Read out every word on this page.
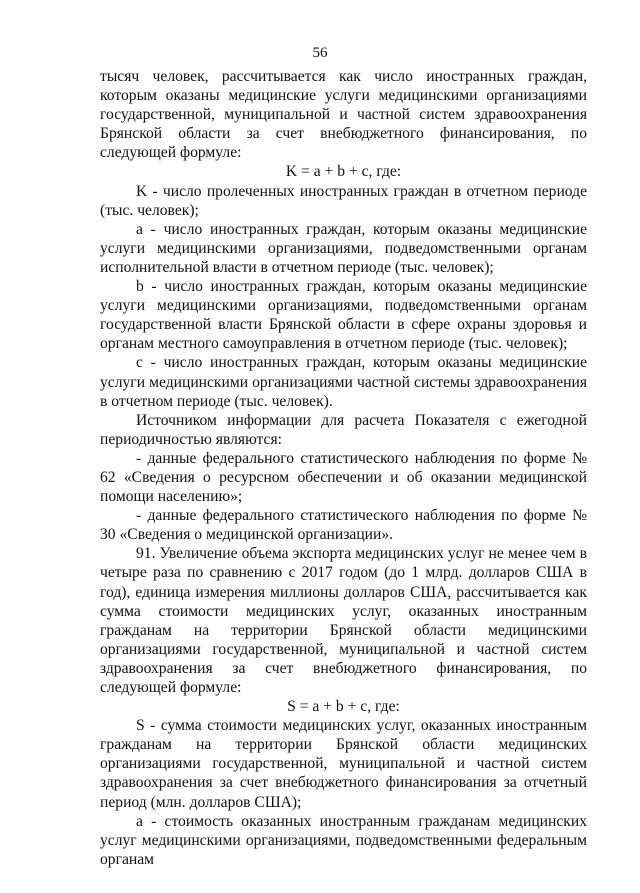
56

тысяч человек, рассчитывается как число иностранных граждан, которым оказаны медицинские услуги медицинскими организациями государственной, муниципальной и частной систем здравоохранения Брянской области за счет внебюджетного финансирования, по следующей формуле:

K = a + b + c, где:

K - число пролеченных иностранных граждан в отчетном периоде (тыс. человек);

a - число иностранных граждан, которым оказаны медицинские услуги медицинскими организациями, подведомственными органам исполнительной власти в отчетном периоде (тыс. человек);

b - число иностранных граждан, которым оказаны медицинские услуги медицинскими организациями, подведомственными органам государственной власти Брянской области в сфере охраны здоровья и органам местного самоуправления в отчетном периоде (тыс. человек);

c - число иностранных граждан, которым оказаны медицинские услуги медицинскими организациями частной системы здравоохранения в отчетном периоде (тыс. человек).

Источником информации для расчета Показателя с ежегодной периодичностью являются:

- данные федерального статистического наблюдения по форме № 62 «Сведения о ресурсном обеспечении и об оказании медицинской помощи населению»;

- данные федерального статистического наблюдения по форме № 30 «Сведения о медицинской организации».

91. Увеличение объема экспорта медицинских услуг не менее чем в четыре раза по сравнению с 2017 годом (до 1 млрд. долларов США в год), единица измерения миллионы долларов США, рассчитывается как сумма стоимости медицинских услуг, оказанных иностранным гражданам на территории Брянской области медицинскими организациями государственной, муниципальной и частной систем здравоохранения за счет внебюджетного финансирования, по следующей формуле:

S = a + b + c, где:

S - сумма стоимости медицинских услуг, оказанных иностранным гражданам на территории Брянской области медицинских организациями государственной, муниципальной и частной систем здравоохранения за счет внебюджетного финансирования за отчетный период (млн. долларов США);

a - стоимость оказанных иностранным гражданам медицинских услуг медицинскими организациями, подведомственными федеральным органам
